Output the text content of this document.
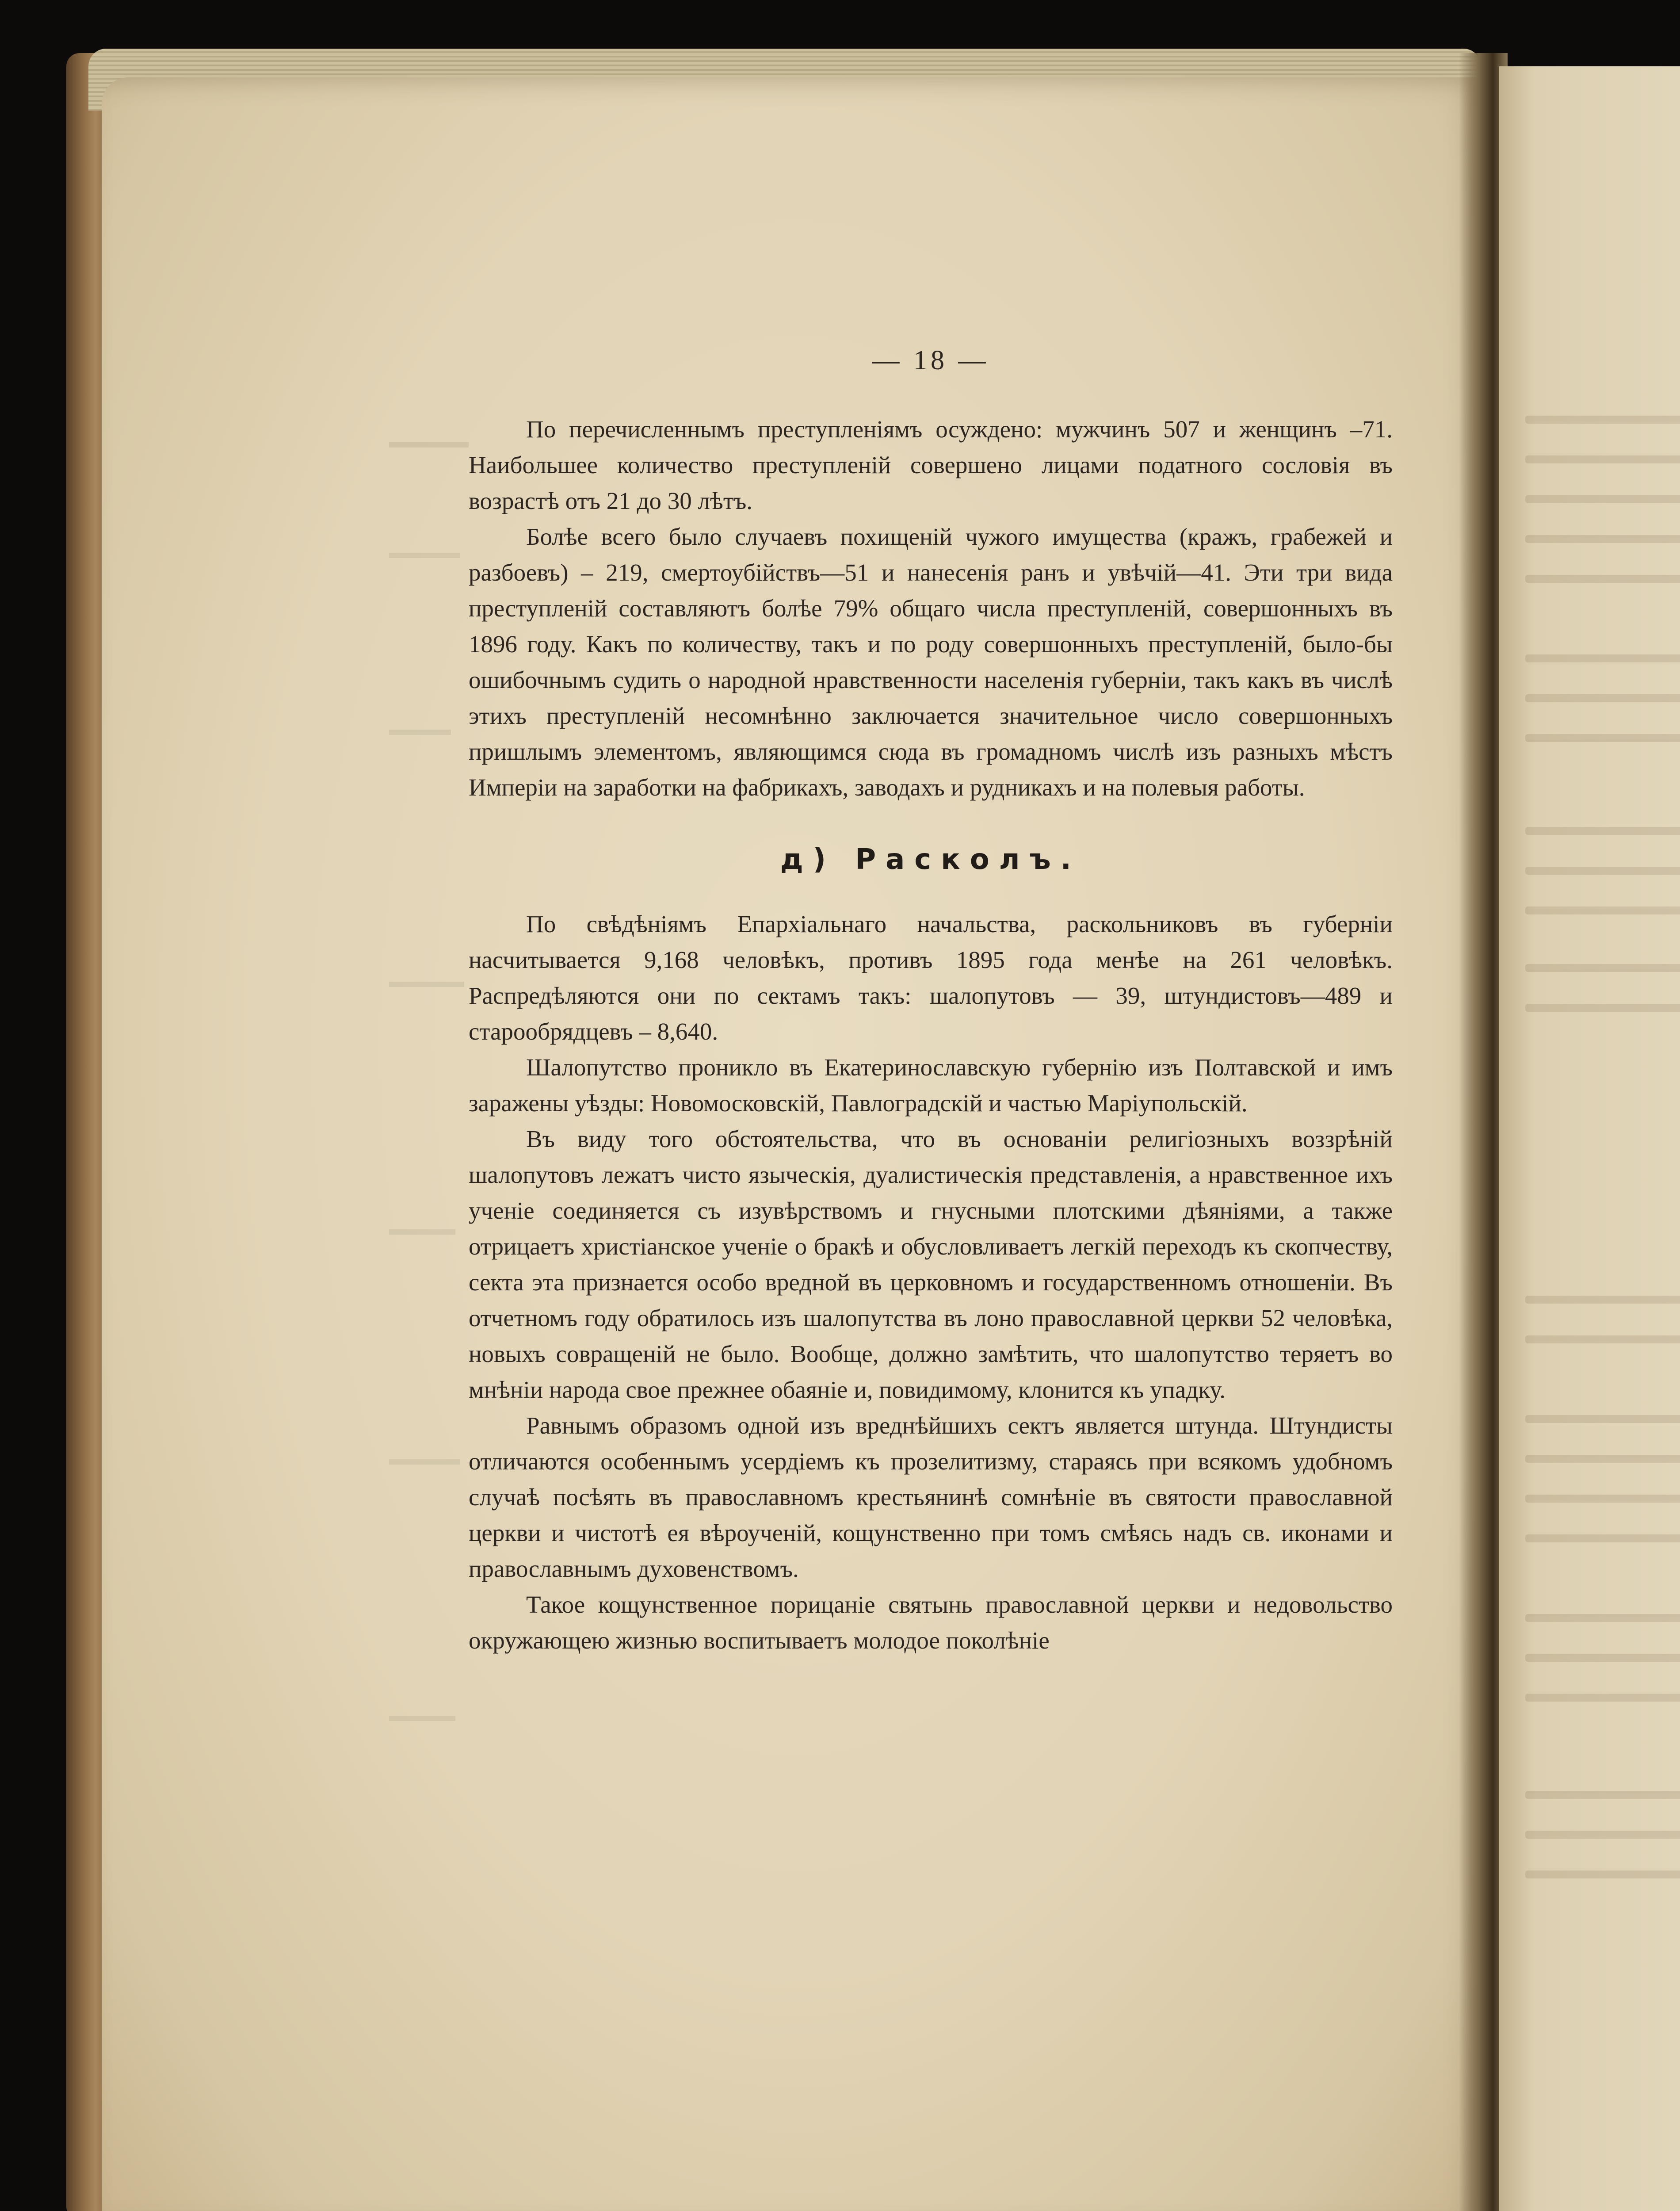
— 18 —

По перечисленнымъ преступленіямъ осуждено: мужчинъ 507 и женщинъ –71. Наибольшее количество преступленій совершено лицами податного сословія въ возрастѣ отъ 21 до 30 лѣтъ.

Болѣе всего было случаевъ похищеній чужого имущества (кражъ, грабежей и разбоевъ) – 219, смертоубійствъ—51 и нанесенія ранъ и увѣчій—41. Эти три вида преступленій составляютъ болѣе 79% общаго числа преступленій, совершонныхъ въ 1896 году. Какъ по количеству, такъ и по роду совершонныхъ преступленій, было-бы ошибочнымъ судить о народной нравственности населенія губерніи, такъ какъ въ числѣ этихъ преступленій несомнѣнно заключается значительное число совершонныхъ пришлымъ элементомъ, являющимся сюда въ громадномъ числѣ изъ разныхъ мѣстъ Имперіи на заработки на фабрикахъ, заводахъ и рудникахъ и на полевыя работы.

д) Расколъ.

По свѣдѣніямъ Епархіальнаго начальства, раскольниковъ въ губерніи насчитывается 9,168 человѣкъ, противъ 1895 года менѣе на 261 человѣкъ. Распредѣляются они по сектамъ такъ: шалопутовъ — 39, штундистовъ—489 и старообрядцевъ – 8,640.

Шалопутство проникло въ Екатеринославскую губернію изъ Полтавской и имъ заражены уѣзды: Новомосковскій, Павлоградскій и частью Маріупольскій.

Въ виду того обстоятельства, что въ основаніи религіозныхъ воззрѣній шалопутовъ лежатъ чисто языческія, дуалистическія представленія, а нравственное ихъ ученіе соединяется съ изувѣрствомъ и гнусными плотскими дѣяніями, а также отрицаетъ христіанское ученіе о бракѣ и обусловливаетъ легкій переходъ къ скопчеству, секта эта признается особо вредной въ церковномъ и государственномъ отношеніи. Въ отчетномъ году обратилось изъ шалопутства въ лоно православной церкви 52 человѣка, новыхъ совращеній не было. Вообще, должно замѣтить, что шалопутство теряетъ во мнѣніи народа свое прежнее обаяніе и, повидимому, клонится къ упадку.

Равнымъ образомъ одной изъ вреднѣйшихъ сектъ является штунда. Штундисты отличаются особеннымъ усердіемъ къ прозелитизму, стараясь при всякомъ удобномъ случаѣ посѣять въ православномъ крестьянинѣ сомнѣніе въ святости православной церкви и чистотѣ ея вѣроученій, кощунственно при томъ смѣясь надъ св. иконами и православнымъ духовенствомъ.

Такое кощунственное порицаніе святынь православной церкви и недовольство окружающею жизнью воспитываетъ молодое поколѣніе
